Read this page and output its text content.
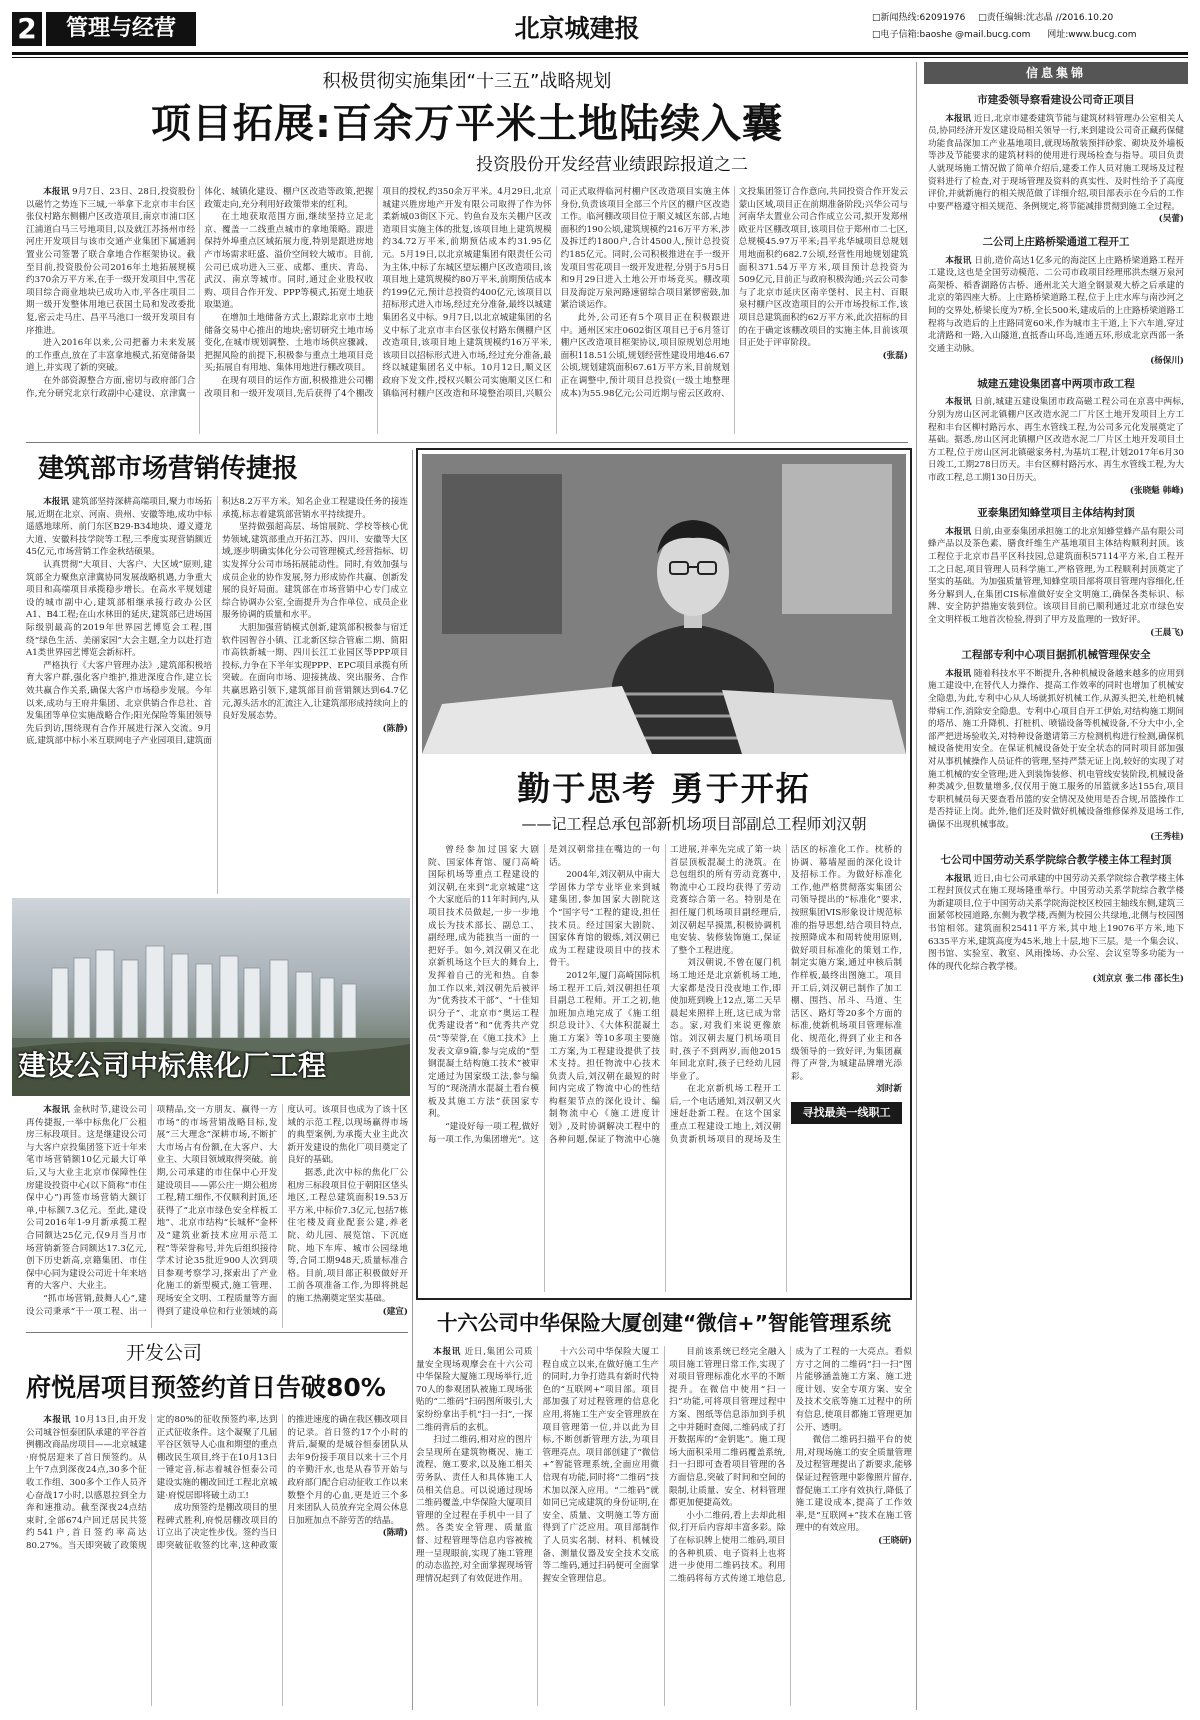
2	管理与经营	北京城建报	□新闻热线:62091976 □责任编辑:沈志晶 //2016.10.20
□电子信箱:baoshe @mail.bucg.com 网址:www.bucg.com
积极贯彻实施集团“十三五”战略规划
项目拓展:百余万平米土地陆续入囊
投资股份开发经营业绩跟踪报道之二

本报讯 9月7日、23日、28日,投资股份以磁竹之势连下三城,一举拿下北京市丰台区张仪村路东侧棚户区改造项目,南京市浦口区江浦道白马三号地项目,以及就江苏扬州市经河庄开发项目与该市交通产业集团下属通润置业公司签署了联合拿地合作框架协议。截至目前,投资股份公司2016年土地拓展规模约370余万平方米,在手一级开发项目中,雪花项目综合商业地块已成功入市,平各庄项目二期一级开发整体用地已获国土局和发改委批复,密云走马庄、昌平马池口一级开发项目有序推进。

进入2016年以来,公司把蓄力未来发展的工作重点,放在了丰富拿地模式,拓宽储备渠道上,并实现了新的突破。

在外部资源整合方面,密切与政府部门合作,充分研究北京行政副中心建设、京津冀一体化、城镇化建设、棚户区改造等政策,把握政策走向,充分利用好政策带来的红利。

在土地获取范围方面,继续坚持立足北京、覆盖一二线重点城市的拿地策略。跟进保持外埠重点区域拓展力度,特别是跟进房地产市场需求旺盛、溢价空间较大城市。目前,公司已成功进入三亚、成都、重庆、青岛、武汉、南京等城市。同时,通过企业股权收购、项目合作开发、PPP等模式,拓宽土地获取渠道。

在增加土地储备方式上,跟踪北京市土地储备交易中心推出的地块;密切研究土地市场变化,在城市规划调整、土地市场供应骤减、把握风险的前提下,积极参与重点土地项目竞买;拓展自有用地、集体用地进行棚改项目。

在现有项目的运作方面,积极推进公司棚改项目和一级开发项目,先后获得了4个棚改项目的授权,约350余万平米。4月29日,北京城建兴胜房地产开发有限公司取得了作为怀柔新城03街区下元、钓鱼台及东关棚户区改造项目实施主体的批复,该项目地上建筑规模约34.72万平米,前期预估成本约31.95亿元。5月19日,以北京城建集团有限责任公司为主体,中标了东城区望坛棚户区改造项目,该项目地上建筑规模约80万平米,前期预估成本约199亿元,预计总投资约400亿元,该项目以招标形式进入市场,经过充分准备,最终以城建集团名义中标。9月7日,以北京城建集团的名义中标了北京市丰台区张仪村路东侧棚户区改造项目,该项目地上建筑规模约16万平米,该项目以招标形式进入市场,经过充分准备,最终以城建集团名义中标。10月12日,顺义区政府下发文件,授权兴顺公司实施顺义区仁和镇临河村棚户区改造和环境整治项目,兴顺公司正式取得临河村棚户区改造项目实施主体身份,负责该项目全部三个片区的棚户区改造工作。临河棚改项目位于顺义城区东部,占地面积约190公顷,建筑规模约216万平方米,涉及拆迁约1800户,合计4500人,预计总投资约185亿元。同时,公司积极推进在手一级开发项目雪花项目一级开发进程,分别于5月5日和9月29日进入土地公开市场竞买。棚改项目及海淀万泉河路速留综合项目紧锣密鼓,加紧洽谈运作。

此外,公司还有5个项目正在积极跟进中。通州区宋庄0602街区项目已于6月签订棚户区改造项目框架协议,项目原规划总用地面积118.51公顷,规划经营性建设用地46.67公顷,规划建筑面积67.61万平方米,目前规划正在调整中,预计项目总投资(一级土地整理成本)为55.98亿元;公司近期与密云区政府、文投集团签订合作意向,共同投资合作开发云蒙山区域,项目正在前期准备阶段;兴华公司与河南华太置业公司合作成立公司,拟开发郑州欧亚片区棚改项目,该项目位于郑州市二七区,总规模45.97万平米;昌平兆华城项目总规划用地面积约682.7公顷,经营性用地规划建筑面积371.54万平方米,项目预计总投资为509亿元,目前正与政府积极沟通;兴云公司参与了北京市延庆区南辛堡村、民主村、百眼泉村棚户区改造项目的公开市场投标工作,该项目总建筑面积约62万平方米,此次招标的目的在于确定该棚改项目的实施主体,目前该项目正处于评审阶段。

(张磊)
建筑部市场营销传捷报

本报讯 建筑部坚持深耕高端项目,聚力市场拓展,近期在北京、河南、贵州、安徽等地,成功中标遥感地球所、前门东区B29-B34地块、遵义遵龙大道、安徽科技学院等工程,三季度实现营销额近45亿元,市场营销工作金秋结硕果。

认真贯彻“大项目、大客户、大区域”原则,建筑部全力聚焦京津冀协同发展战略机遇,力争重大项目和高端项目承揽稳步增长。在高水平规划建设的城市副中心,建筑部相继承接行政办公区A1、B4工程;在山水林田的延庆,建筑部已进场国际级别最高的2019年世界园艺博览会工程,围绕“绿色生活、美丽家园”大会主题,全力以赴打造A1类世界园艺博览会新标杆。

严格执行《大客户管理办法》,建筑部积极培育大客户群,强化客户维护,推进深度合作,建立长效共赢合作关系,确保大客户市场稳步发展。今年以来,成功与王府井集团、北京供销合作总社、首发集团等单位实施战略合作;阳光保险等集团领导先后到访,围绕现有合作开展进行深入交流。9月底,建筑部中标小米互联网电子产业园项目,建筑面积达8.2万平方米。知名企业工程建设任务的接连承揽,标志着建筑部营销水平持续提升。

坚持做强超高层、场馆展院、学校等核心优势领域,建筑部重点开拓江苏、四川、安徽等大区域,逐步明确实体化分公司管理模式,经营指标、切实发挥分公司市场拓展能动性。同时,有效加强与成员企业的协作发展,努力形成协作共赢、创新发展的良好局面。建筑部在市场营销中心专门成立综合协调办公室,全面提升为合作单位、成员企业服务协调的质量和水平。

大胆加强营销模式创新,建筑部积极参与宿迁软件园智谷小镇、江北新区综合管廊二期、简阳市高铁新城一期、四川长江工业园区等PPP项目投标,力争在下半年实现PPP、EPC项目承揽有所突破。在面向市场、迎接挑战、突出服务、合作共赢思路引领下,建筑部目前营销额达到64.7亿元,源头活水的汇流注入,让建筑部形成持续向上的良好发展态势。

(陈静)
建设公司中标焦化厂工程

本报讯 金秋时节,建设公司再传捷报,一举中标焦化厂公租房三标段项目。这是继建设公司与大客户京投集团签下近十年来笔市场营销额10亿元最大订单后,又与大业主北京市保障性住房建设投资中心(以下简称“市住保中心”)再签市场营销大额订单,中标额7.3亿元。至此,建设公司2016年1-9月新承揽工程合同额达25亿元,仅9月当月市场营销新签合同额达17.3亿元,创下历史新高,京籍集团、市住保中心同为建设公司近十年来培育的大客户、大业主。

“抓市场营销,鼓舞人心”,建设公司秉承“干一项工程、出一项精品,交一方朋友、赢得一方市场”的市场营销战略目标,发展“三大理念”深耕市场,不断扩大市场占有份额,在大客户、大业主、大项目领域取得突破。前期,公司承建的市住保中心开发建设项目——郭公庄一期公租房工程,精工细作,不仅顺利封顶,还获得了“北京市绿色安全样板工地”、北京市结构“长城杯”金杯及“建筑业新技术应用示范工程”等荣誉称号,并先后组织接待学术讨论35批近900人次到项目参观考察学习,探索出了产业化施工的新型模式,施工管理、现场安全文明、工程质量等方面得到了建设单位和行业领域的高度认可。该项目也成为了该十区域的示范工程,以现场赢得市场的典型案例,为承揽大业主此次新开发建设的焦化厂项目奠定了良好的基础。

据悉,此次中标的焦化厂公租房三标段项目位于朝阳区垡头地区,工程总建筑面积19.53万平方米,中标价7.3亿元,包括7栋住宅楼及商业配套公建,养老院、幼儿园、展览馆、下沉庭院、地下车库、城市公园绿地等,合同工期948天,质量标准合格。目前,项目部正积极做好开工前各项准备工作,为即将挑起的施工热潮奠定坚实基础。

(建宣)
开发公司
府悦居项目预签约首日告破80%

本报讯 10月13日,由开发公司城谷恒泰团队承建的平谷首例棚改商品房项目——北京城建·府悦居迎来了首日预签约。从上午7点到深夜24点,30多个征收工作组、300多个工作人员齐心奋战17小时,以感恩拉到全力奔和速推动。截至深夜24点结束时,全部674户回迁居民共签约541户,首日签约率高达80.27%。当天即突破了政策规定的80%的征收预签约率,达到正式征收条件。这个凝聚了几届平谷区领导人心血和期望的重点棚改民生项目,终于在10月13日一锤定音,标志着城谷恒泰公司建设实施的棚改回迁工程北京城建·府悦居即将破土动工!

成功预签约是棚改项目的里程碑式胜利,府悦居棚改项目的订立出了决定性步伐。签约当日即突破征收签约比率,这种政策的推进速度的确在我区棚改项目的记录。首日签约17个小时的背后,凝聚的是城谷恒泰团队从去年9份接手项目以来十三个月的辛勤汗水,也是从春节开始与政府部门配合启动征收工作以来数整个月的心血,更是近三个多月来团队人员放弃完全周公休息日加班加点不辞劳苦的结晶。

(陈晴)
勤于思考 勇于开拓
——记工程总承包部新机场项目部副总工程师刘汉朝

曾经参加过国家大剧院、国家体育馆、厦门高崎国际机场等重点工程建设的刘汉朝,在来到“北京城建”这个大家庭后的11年时间内,从项目技术员做起,一步一步地成长为技术部长、副总工、副经理,成为能独当一面的一把好手。如今,刘汉朝又在北京新机场这个巨大的舞台上,发挥着自己的光和热。自参加工作以来,刘汉朝先后被评为“优秀技术干部”、“十佳知识分子”、北京市“奥运工程优秀建设者”和“优秀共产党员”等荣誉,在《施工技术》上发表文章9篇,参与完成的“型钢混凝土结构施工技术”被审定通过为国家级工法,参与编写的“现浇清水混凝土看台模板及其施工方法”获国家专利。

“建设好每一项工程,做好每一项工作,为集团增光”。这是刘汉朝常挂在嘴边的一句话。

2004年,刘汉朝从中南大学固体力学专业毕业来到城建集团,参加国家大剧院这个“国字号”工程的建设,担任技术员。经过国家大剧院、国家体育馆的锻炼,刘汉朝已成为工程建设项目中的技术骨干。

2012年,厦门高崎国际机场工程开工后,刘汉朝担任项目副总工程师。开工之初,他加班加点地完成了《施工组织总设计》、《大体积混凝土施工方案》等10多项主要施工方案,为工程建设提供了技术支持。担任物流中心技术负责人后,刘汉朝在最短的时间内完成了物流中心的性结构框架节点的深化设计、编制物流中心《施工进度计划》,及时协调解决工程中的各种问题,保证了物流中心施工进展,并率先完成了第一块首层顶板混凝土的浇筑。在总包组织的所有劳动竞赛中,物流中心工段均获得了劳动竞赛综合第一名。特别是在担任厦门机场项目副经理后,刘汉朝起早摸黑,积极协调机电安装、装修装饰施工,保证了整个工程进度。

刘汉朝说,不曾在厦门机场工地还是北京新机场工地,大家都是没日没夜地工作,即使加班到晚上12点,第二天早晨起来照样上班,这已成为常态。家,对我们来说更像旅馆。刘汉朝去厦门机场项目时,孩子不到两岁,而他2015年回北京时,孩子已经幼儿园毕业了。

在北京新机场工程开工后,一个电话通知,刘汉朝又火速赶赴新工程。在这个国家重点工程建设工地上,刘汉朝负责新机场项目的现场及生活区的标准化工作。枕桥的协调、幕墙屋面的深化设计及招标工作。为做好标准化工作,他严格贯彻落实集团公司领导提出的“标准化”要求,按照集团VIS形象设计规范标准的指导思想,结合项目特点,按照降成本和周转使用原则,做好项目标准化的策划工作,制定实施方案,通过申核后制作样板,最终出图施工。项目开工后,刘汉朝已制作了加工棚、围挡、吊斗、马道、生活区、路灯等20多个方面的标准,使新机场项目管理标准化、规范化,得到了业主和各级领导的一致好评,为集团赢得了声誉,为城建品牌增光添彩。

刘时新
寻找最美一线职工
十六公司中华保险大厦创建“微信+”智能管理系统

本报讯 近日,集团公司质量安全现场观摩会在十六公司中华保险大厦施工现场举行,近70人的参观团队被施工现场张贴的“二维码”扫码图所吸引,大家纷纷拿出手机“扫一扫”,一探二维码背后的玄机。

扫过二维码,相对应的图片会呈现所在建筑物概况、施工流程、施工要求,以及施工相关劳务队、责任人和具体施工人员相关信息。可以说通过现场二维码覆盖,中华保险大厦项目管理的全过程在手机中一目了然。各类安全管理、质量监督、过程管理等信息内容被梳理一呈现眼前,实现了施工管理的动态监控,对全面掌握现场管理情况起到了有效促进作用。

十六公司中华保险大厦工程自成立以来,在做好施工生产的同时,力争打造具有新时代特色的“互联网+”项目部。项目部加强了对过程管理的信息化应用,将施工生产安全管理放在项目管理第一位,并以此为目标,不断创新管理方法,为项目管理亮点。项目部创建了“微信+”智能管理系统,全面应用微信现有功能,同时将“二维码”技术加以深入应用。“二维码”就如同已完成建筑的身份证明,在安全、质量、文明施工等方面得到了广泛应用。项目部制作了人员实名制、材料、机械设备、测量仪器及安全技术交底等二维码,通过扫码便可全面掌握安全管理信息。

目前该系统已经完全融入项目施工管理日常工作,实现了对项目管理标准化水平的不断提升。在微信中使用“扫一扫”功能,可将项目管理过程中方案、图纸等信息添加到手机之中并随时查阅,二维码成了打开数据库的“金钥匙”。施工现场大面积采用二维码覆盖系统,扫一扫即可查看项目管理的各方面信息,突破了时间和空间的限制,让质量、安全、材料管理都更加便捷高效。

小小二维码,看上去却此相似,打开后内容却丰富多彩。除了在标识牌上使用二维码,项目的各种机质、电子资料上也将进一步使用二维码技术。利用二维码将每方式传递工地信息,成为了工程的一大亮点。看似方寸之间的二维码“扫一扫”图片能够涵盖施工方案、施工进度计划、安全专项方案、安全及技术交底等施工过程中的所有信息,使项目都施工管理更加公开、透明。

微信二维码扫描平台的使用,对现场施工的安全质量管理及过程管理提出了新要求,能够保证过程管理中影像照片留存,督促施工工序有效执行,降低了施工建设成本,提高了工作效率,是“互联网+”技术在施工管理中的有效应用。

(王晓研)
信息集锦
市建委领导察看建设公司奇正项目

本报讯 近日,北京市建委建筑节能与建筑材料管理办公室相关人员,协同经济开发区建设局相关领导一行,来到建设公司奇正藏药保健功能食品深加工产业基地项目,就现场散装预拌砂浆、砌块及外墙板等涉及节能要求的建筑材料的使用进行现场检查与指导。项目负责人就现场施工情况做了简单介绍后,建委工作人员对施工现场及过程资料进行了检查,对于现场管理及资料的真实性、及时性给予了高度评价,并就新施行的相关规范做了详细介绍,项目部表示在今后的工作中要严格遵守相关规范、条例规定,将节能减排贯彻到施工全过程。

(吴蕾)
二公司上庄路桥梁通道工程开工

本报讯 日前,造价高达1亿多元的海淀区上庄路桥梁道路工程开工建设,这也是全国劳动模范、二公司市政项目经理邢洪杰继万泉河高架桥、稻香湖路仿古桥、通州北关大道全钢景观大桥之后承建的北京的第四座大桥。上庄路桥梁道路工程,位于上庄水库与南沙河之间的交界处,桥梁长度为7桥,全长500米,建成后的上庄路桥梁道路工程将与改造后的上庄路同宽60米,作为城市主干道,上下六车道,穿过北清路和一路,入山隧道,直抵香山环岛,连通五环,形成北京西部一条交通主动脉。

(杨保川)
城建五建设集团喜中两项市政工程

本报讯 日前,城建五建设集团市政高磁工程公司在京喜中两标,分别为房山区河北镇棚户区改造水泥二厂片区土地开发项目上方工程和丰台区柳村路污水、再生水管线工程,为公司多元化发展奠定了基础。据悉,房山区河北镇棚户区改造水泥二厂片区土地开发项目土方工程,位于房山区河北镇磁家务村,为基坑工程,计划2017年6月30日竣工,工期278日历天。丰台区柳村路污水、再生水管线工程,为大市政工程,总工期130日历天。

(张晓魁 韩峰)
亚泰集团知蜂堂项目主体结构封顶

本报讯 日前,由亚泰集团承担施工的北京知蜂堂蜂产品有限公司蜂产品以及茶色素、膳食纤维生产基地项目主体结构顺利封顶。该工程位于北京市昌平区科技园,总建筑面积57114平方米,自工程开工之日起,项目管理人员科学施工,严格管理,为工程顺利封顶奠定了坚实的基础。为加强质量管理,知蜂堂项目部将项目管理内容细化,任务分解到人,在集团CIS标准做好安全文明施工,确保各类标识、标牌、安全防护措施安装到位。该项目目前已顺利通过北京市绿色安全文明样板工地首次检验,得到了甲方及监理的一致好评。

(王晨飞)
工程部专利中心项目据抓机械管理保安全

本报讯 随着科技水平不断提升,各种机械设备越来越多的应用到施工建设中,在替代人力操作、提高工作效率的同时也增加了机械安全隐患,为此,专利中心从人场就抓好机械工作,从源头把关,杜绝机械带病工作,消除安全隐患。专利中心项目自开工伊始,对结构施工期间的塔吊、施工升降机、打桩机、喷锚设备等机械设备,不分大中小,全部严把进场验收关,对特种设备邀请第三方检测机构进行检测,确保机械设备使用安全。在保证机械设备处于安全状态的同时项目部加强对从事机械操作人员证件的管理,坚持严禁无证上岗,较好的实现了对施工机械的安全管理;进入到装饰装修、机电管线安装阶段,机械设备种类减少,但数量增多,仅仅用于施工服务的吊篮就多达155台,项目专职机械员每天要查看吊篮的安全情况及使用是否合规,吊篮操作工是否持证上岗。此外,他们还及时做好机械设备维修保养及退场工作,确保不出现机械事故。

(王秀桂)
七公司中国劳动关系学院综合教学楼主体工程封顶

本报讯 近日,由七公司承建的中国劳动关系学院综合教学楼主体工程封顶仪式在施工现场隆重举行。中国劳动关系学院综合教学楼为新建项目,位于中国劳动关系学院海淀校区校园主轴线东侧,建筑三面紧邻校园道路,东侧为教学楼,西侧为校园公共绿地,北侧与校园图书馆相邻。建筑面积25411平方米,其中地上19076平方米,地下6335平方米,建筑高度为45米,地上十层,地下三层。是一个集会议、图书馆、实验室、教室、风雨操场、办公室、会议室等多功能为一体的现代化综合教学楼。

(刘京京 张二伟 邵长生)
